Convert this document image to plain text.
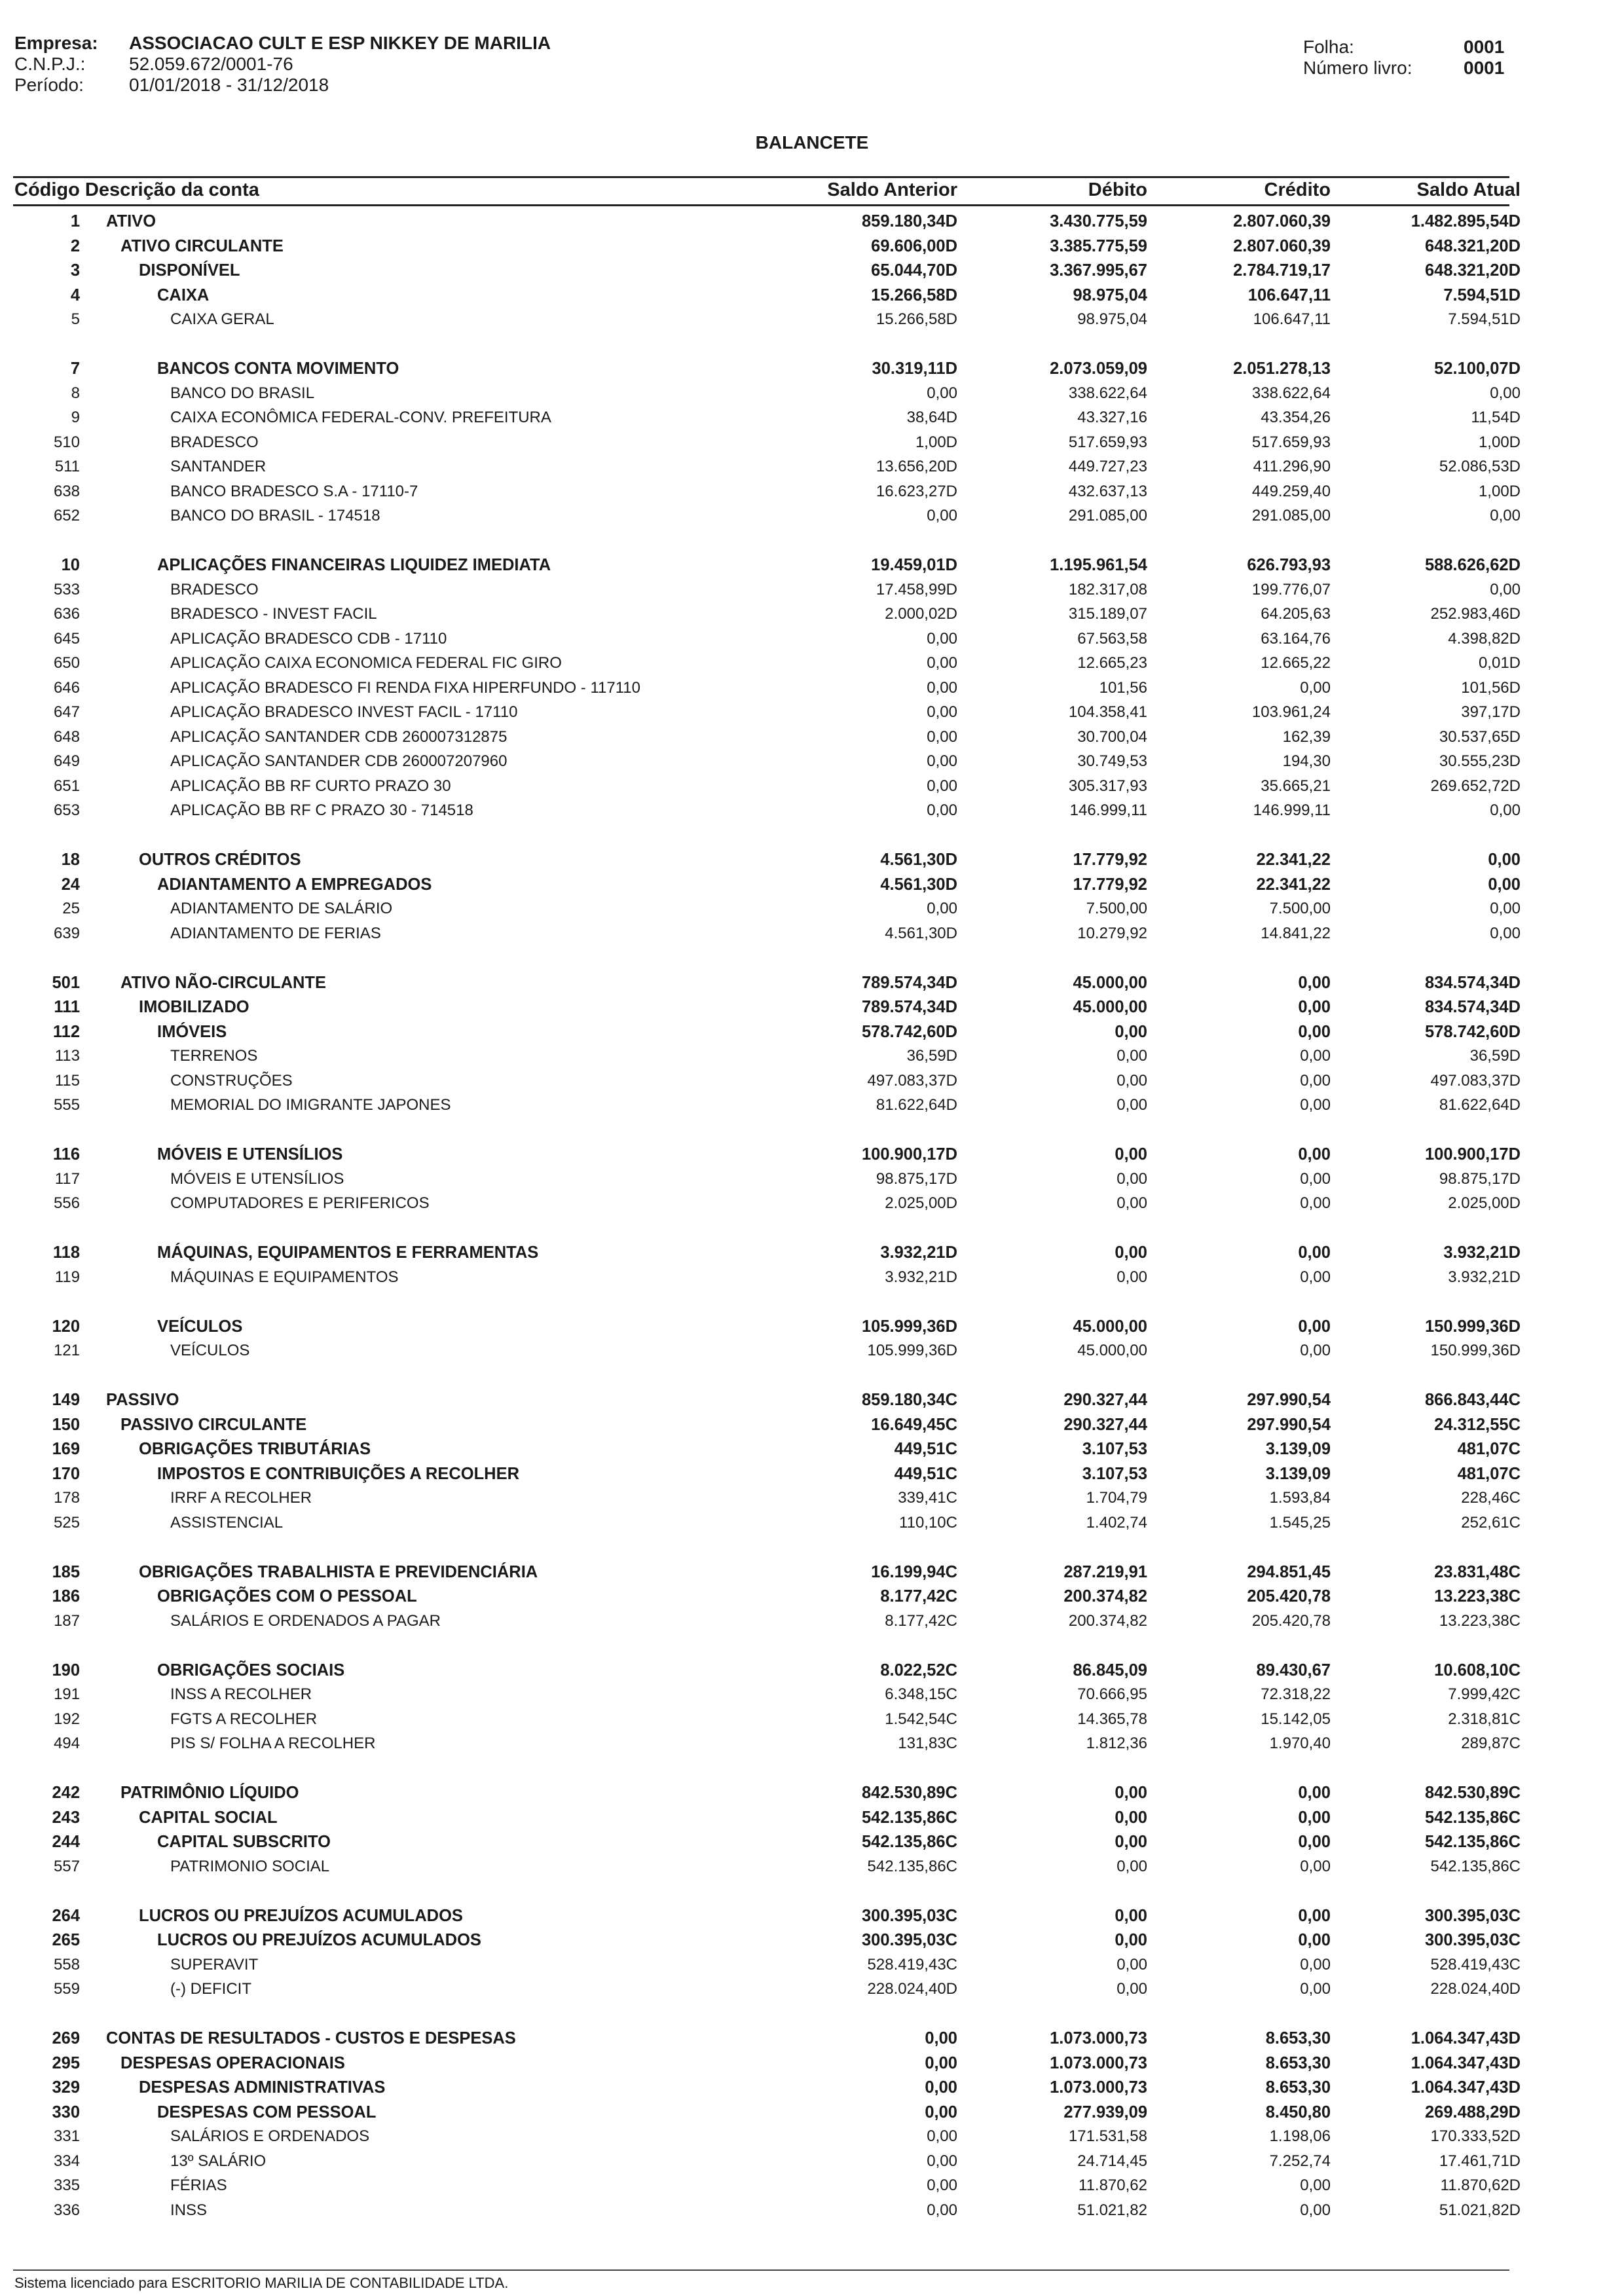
Empresa:	ASSOCIACAO CULT E ESP NIKKEY DE MARILIA
C.N.P.J.:	52.059.672/0001-76
Período:	01/01/2018 - 31/12/2018
Folha:	0001
Número livro:	0001
BALANCETE
Código Descrição da conta	Saldo Anterior	Débito	Crédito	Saldo Atual
1 ATIVO	859.180,34D	3.430.775,59	2.807.060,39	1.482.895,54D
2 ATIVO CIRCULANTE	69.606,00D	3.385.775,59	2.807.060,39	648.321,20D
3	DISPONÍVEL	65.044,70D	3.367.995,67	2.784.719,17	648.321,20D
4	CAIXA	15.266,58D	98.975,04	106.647,11	7.594,51D
5	CAIXA GERAL	15.266,58D	98.975,04	106.647,11	7.594,51D
7	BANCOS CONTA MOVIMENTO	30.319,11D	2.073.059,09	2.051.278,13	52.100,07D
8	BANCO DO BRASIL	0,00	338.622,64	338.622,64	0,00
9	CAIXA ECONÔMICA FEDERAL-CONV. PREFEITURA	38,64D	43.327,16	43.354,26	11,54D
510	BRADESCO	1,00D	517.659,93	517.659,93	1,00D
511	SANTANDER	13.656,20D	449.727,23	411.296,90	52.086,53D
638	BANCO BRADESCO S.A - 17110-7	16.623,27D	432.637,13	449.259,40	1,00D
652	BANCO DO BRASIL - 174518	0,00	291.085,00	291.085,00	0,00
10	APLICAÇÕES FINANCEIRAS LIQUIDEZ IMEDIATA	19.459,01D	1.195.961,54	626.793,93	588.626,62D
533	BRADESCO	17.458,99D	182.317,08	199.776,07	0,00
636	BRADESCO - INVEST FACIL	2.000,02D	315.189,07	64.205,63	252.983,46D
645	APLICAÇÃO BRADESCO CDB - 17110	0,00	67.563,58	63.164,76	4.398,82D
650	APLICAÇÃO CAIXA ECONOMICA FEDERAL FIC GIRO	0,00	12.665,23	12.665,22	0,01D
646	APLICAÇÃO BRADESCO FI RENDA FIXA HIPERFUNDO - 117110	0,00	101,56	0,00	101,56D
647	APLICAÇÃO BRADESCO INVEST FACIL - 17110	0,00	104.358,41	103.961,24	397,17D
648	APLICAÇÃO SANTANDER CDB 260007312875	0,00	30.700,04	162,39	30.537,65D
649	APLICAÇÃO SANTANDER CDB 260007207960	0,00	30.749,53	194,30	30.555,23D
651	APLICAÇÃO BB RF CURTO PRAZO 30	0,00	305.317,93	35.665,21	269.652,72D
653	APLICAÇÃO BB RF C PRAZO 30 - 714518	0,00	146.999,11	146.999,11	0,00
18	OUTROS CRÉDITOS	4.561,30D	17.779,92	22.341,22	0,00
24	ADIANTAMENTO A EMPREGADOS	4.561,30D	17.779,92	22.341,22	0,00
25	ADIANTAMENTO DE SALÁRIO	0,00	7.500,00	7.500,00	0,00
639	ADIANTAMENTO DE FERIAS	4.561,30D	10.279,92	14.841,22	0,00
501 ATIVO NÃO-CIRCULANTE	789.574,34D	45.000,00	0,00	834.574,34D
111	IMOBILIZADO	789.574,34D	45.000,00	0,00	834.574,34D
112	IMÓVEIS	578.742,60D	0,00	0,00	578.742,60D
113	TERRENOS	36,59D	0,00	0,00	36,59D
115	CONSTRUÇÕES	497.083,37D	0,00	0,00	497.083,37D
555	MEMORIAL DO IMIGRANTE JAPONES	81.622,64D	0,00	0,00	81.622,64D
116	MÓVEIS E UTENSÍLIOS	100.900,17D	0,00	0,00	100.900,17D
117	MÓVEIS E UTENSÍLIOS	98.875,17D	0,00	0,00	98.875,17D
556	COMPUTADORES E PERIFERICOS	2.025,00D	0,00	0,00	2.025,00D
118	MÁQUINAS, EQUIPAMENTOS E FERRAMENTAS	3.932,21D	0,00	0,00	3.932,21D
119	MÁQUINAS E EQUIPAMENTOS	3.932,21D	0,00	0,00	3.932,21D
120	VEÍCULOS	105.999,36D	45.000,00	0,00	150.999,36D
121	VEÍCULOS	105.999,36D	45.000,00	0,00	150.999,36D
149 PASSIVO	859.180,34C	290.327,44	297.990,54	866.843,44C
150 PASSIVO CIRCULANTE	16.649,45C	290.327,44	297.990,54	24.312,55C
169	OBRIGAÇÕES TRIBUTÁRIAS	449,51C	3.107,53	3.139,09	481,07C
170	IMPOSTOS E CONTRIBUIÇÕES A RECOLHER	449,51C	3.107,53	3.139,09	481,07C
178	IRRF A RECOLHER	339,41C	1.704,79	1.593,84	228,46C
525	ASSISTENCIAL	110,10C	1.402,74	1.545,25	252,61C
185	OBRIGAÇÕES TRABALHISTA E PREVIDENCIÁRIA	16.199,94C	287.219,91	294.851,45	23.831,48C
186	OBRIGAÇÕES COM O PESSOAL	8.177,42C	200.374,82	205.420,78	13.223,38C
187	SALÁRIOS E ORDENADOS A PAGAR	8.177,42C	200.374,82	205.420,78	13.223,38C
190	OBRIGAÇÕES SOCIAIS	8.022,52C	86.845,09	89.430,67	10.608,10C
191	INSS A RECOLHER	6.348,15C	70.666,95	72.318,22	7.999,42C
192	FGTS A RECOLHER	1.542,54C	14.365,78	15.142,05	2.318,81C
494	PIS S/ FOLHA A RECOLHER	131,83C	1.812,36	1.970,40	289,87C
242 PATRIMÔNIO LÍQUIDO	842.530,89C	0,00	0,00	842.530,89C
243	CAPITAL SOCIAL	542.135,86C	0,00	0,00	542.135,86C
244	CAPITAL SUBSCRITO	542.135,86C	0,00	0,00	542.135,86C
557	PATRIMONIO SOCIAL	542.135,86C	0,00	0,00	542.135,86C
264	LUCROS OU PREJUÍZOS ACUMULADOS	300.395,03C	0,00	0,00	300.395,03C
265	LUCROS OU PREJUÍZOS ACUMULADOS	300.395,03C	0,00	0,00	300.395,03C
558	SUPERAVIT	528.419,43C	0,00	0,00	528.419,43C
559	(-) DEFICIT	228.024,40D	0,00	0,00	228.024,40D
269 CONTAS DE RESULTADOS - CUSTOS E DESPESAS	0,00	1.073.000,73	8.653,30	1.064.347,43D
295 DESPESAS OPERACIONAIS	0,00	1.073.000,73	8.653,30	1.064.347,43D
329	DESPESAS ADMINISTRATIVAS	0,00	1.073.000,73	8.653,30	1.064.347,43D
330	DESPESAS COM PESSOAL	0,00	277.939,09	8.450,80	269.488,29D
331	SALÁRIOS E ORDENADOS	0,00	171.531,58	1.198,06	170.333,52D
334	13º SALÁRIO	0,00	24.714,45	7.252,74	17.461,71D
335	FÉRIAS	0,00	11.870,62	0,00	11.870,62D
336	INSS	0,00	51.021,82	0,00	51.021,82D
Sistema licenciado para ESCRITORIO MARILIA DE CONTABILIDADE LTDA.
